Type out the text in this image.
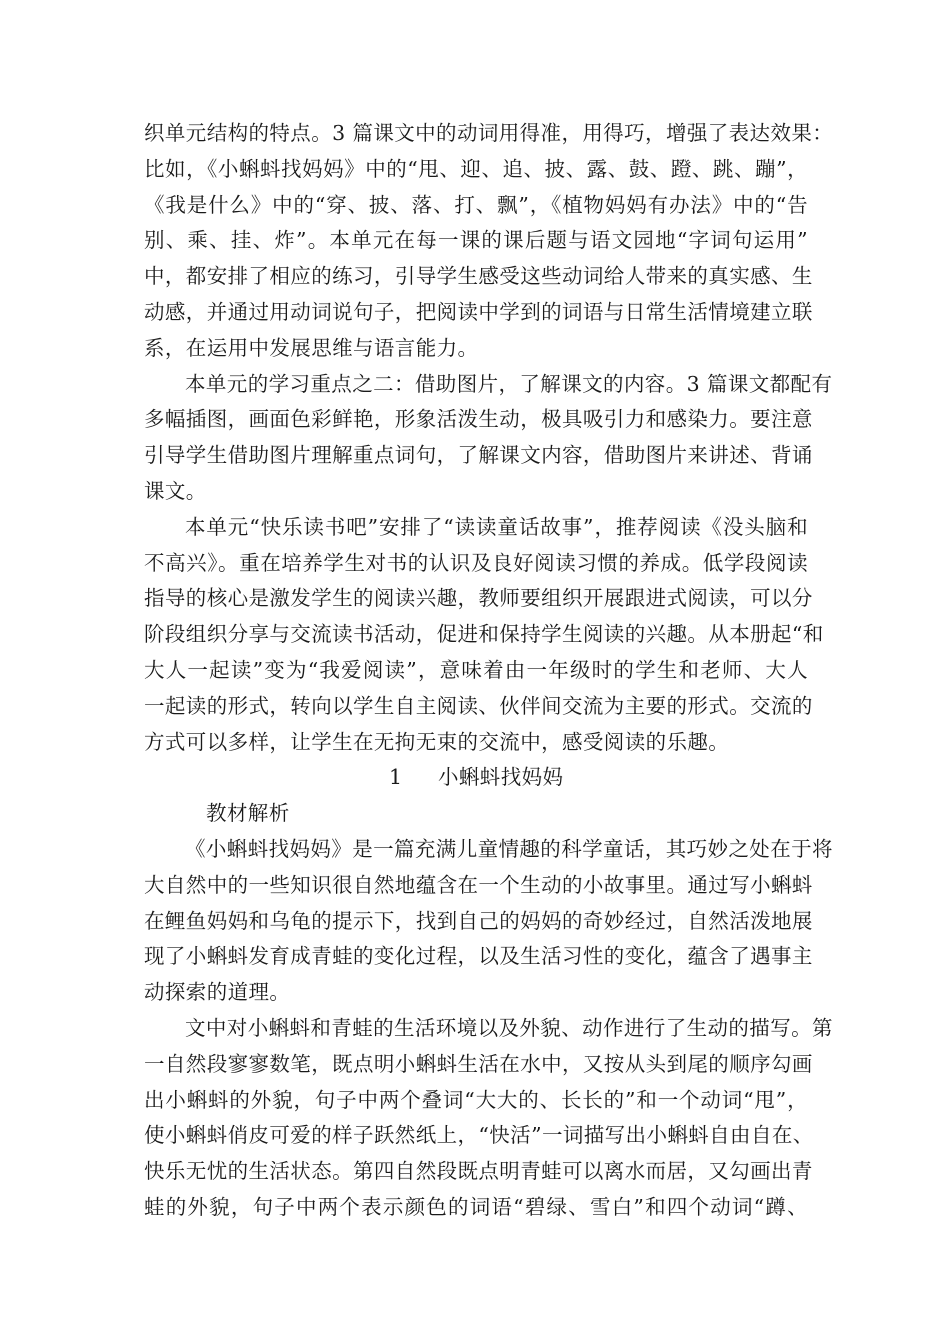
织单元结构的特点。3 篇课文中的动词用得准，用得巧，增强了表达效果：
比如，《小蝌蚪找妈妈》中的“甩、迎、追、披、露、鼓、蹬、跳、蹦”，
《我是什么》中的“穿、披、落、打、飘”，《植物妈妈有办法》中的“告
别、乘、挂、炸”。本单元在每一课的课后题与语文园地“字词句运用”
中，都安排了相应的练习，引导学生感受这些动词给人带来的真实感、生
动感，并通过用动词说句子，把阅读中学到的词语与日常生活情境建立联
系，在运用中发展思维与语言能力。
本单元的学习重点之二：借助图片，了解课文的内容。3 篇课文都配有
多幅插图，画面色彩鲜艳，形象活泼生动，极具吸引力和感染力。要注意
引导学生借助图片理解重点词句，了解课文内容，借助图片来讲述、背诵
课文。
本单元“快乐读书吧”安排了“读读童话故事”，推荐阅读《没头脑和
不高兴》。重在培养学生对书的认识及良好阅读习惯的养成。低学段阅读
指导的核心是激发学生的阅读兴趣，教师要组织开展跟进式阅读，可以分
阶段组织分享与交流读书活动，促进和保持学生阅读的兴趣。从本册起“和
大人一起读”变为“我爱阅读”，意味着由一年级时的学生和老师、大人
一起读的形式，转向以学生自主阅读、伙伴间交流为主要的形式。交流的
方式可以多样，让学生在无拘无束的交流中，感受阅读的乐趣。
1 小蝌蚪找妈妈
教材解析
《小蝌蚪找妈妈》是一篇充满儿童情趣的科学童话，其巧妙之处在于将
大自然中的一些知识很自然地蕴含在一个生动的小故事里。通过写小蝌蚪
在鲤鱼妈妈和乌龟的提示下，找到自己的妈妈的奇妙经过，自然活泼地展
现了小蝌蚪发育成青蛙的变化过程，以及生活习性的变化，蕴含了遇事主
动探索的道理。
文中对小蝌蚪和青蛙的生活环境以及外貌、动作进行了生动的描写。第
一自然段寥寥数笔，既点明小蝌蚪生活在水中，又按从头到尾的顺序勾画
出小蝌蚪的外貌，句子中两个叠词“大大的、长长的”和一个动词“甩”，
使小蝌蚪俏皮可爱的样子跃然纸上，“快活”一词描写出小蝌蚪自由自在、
快乐无忧的生活状态。第四自然段既点明青蛙可以离水而居，又勾画出青
蛙的外貌，句子中两个表示颜色的词语“碧绿、雪白”和四个动词“蹲、
